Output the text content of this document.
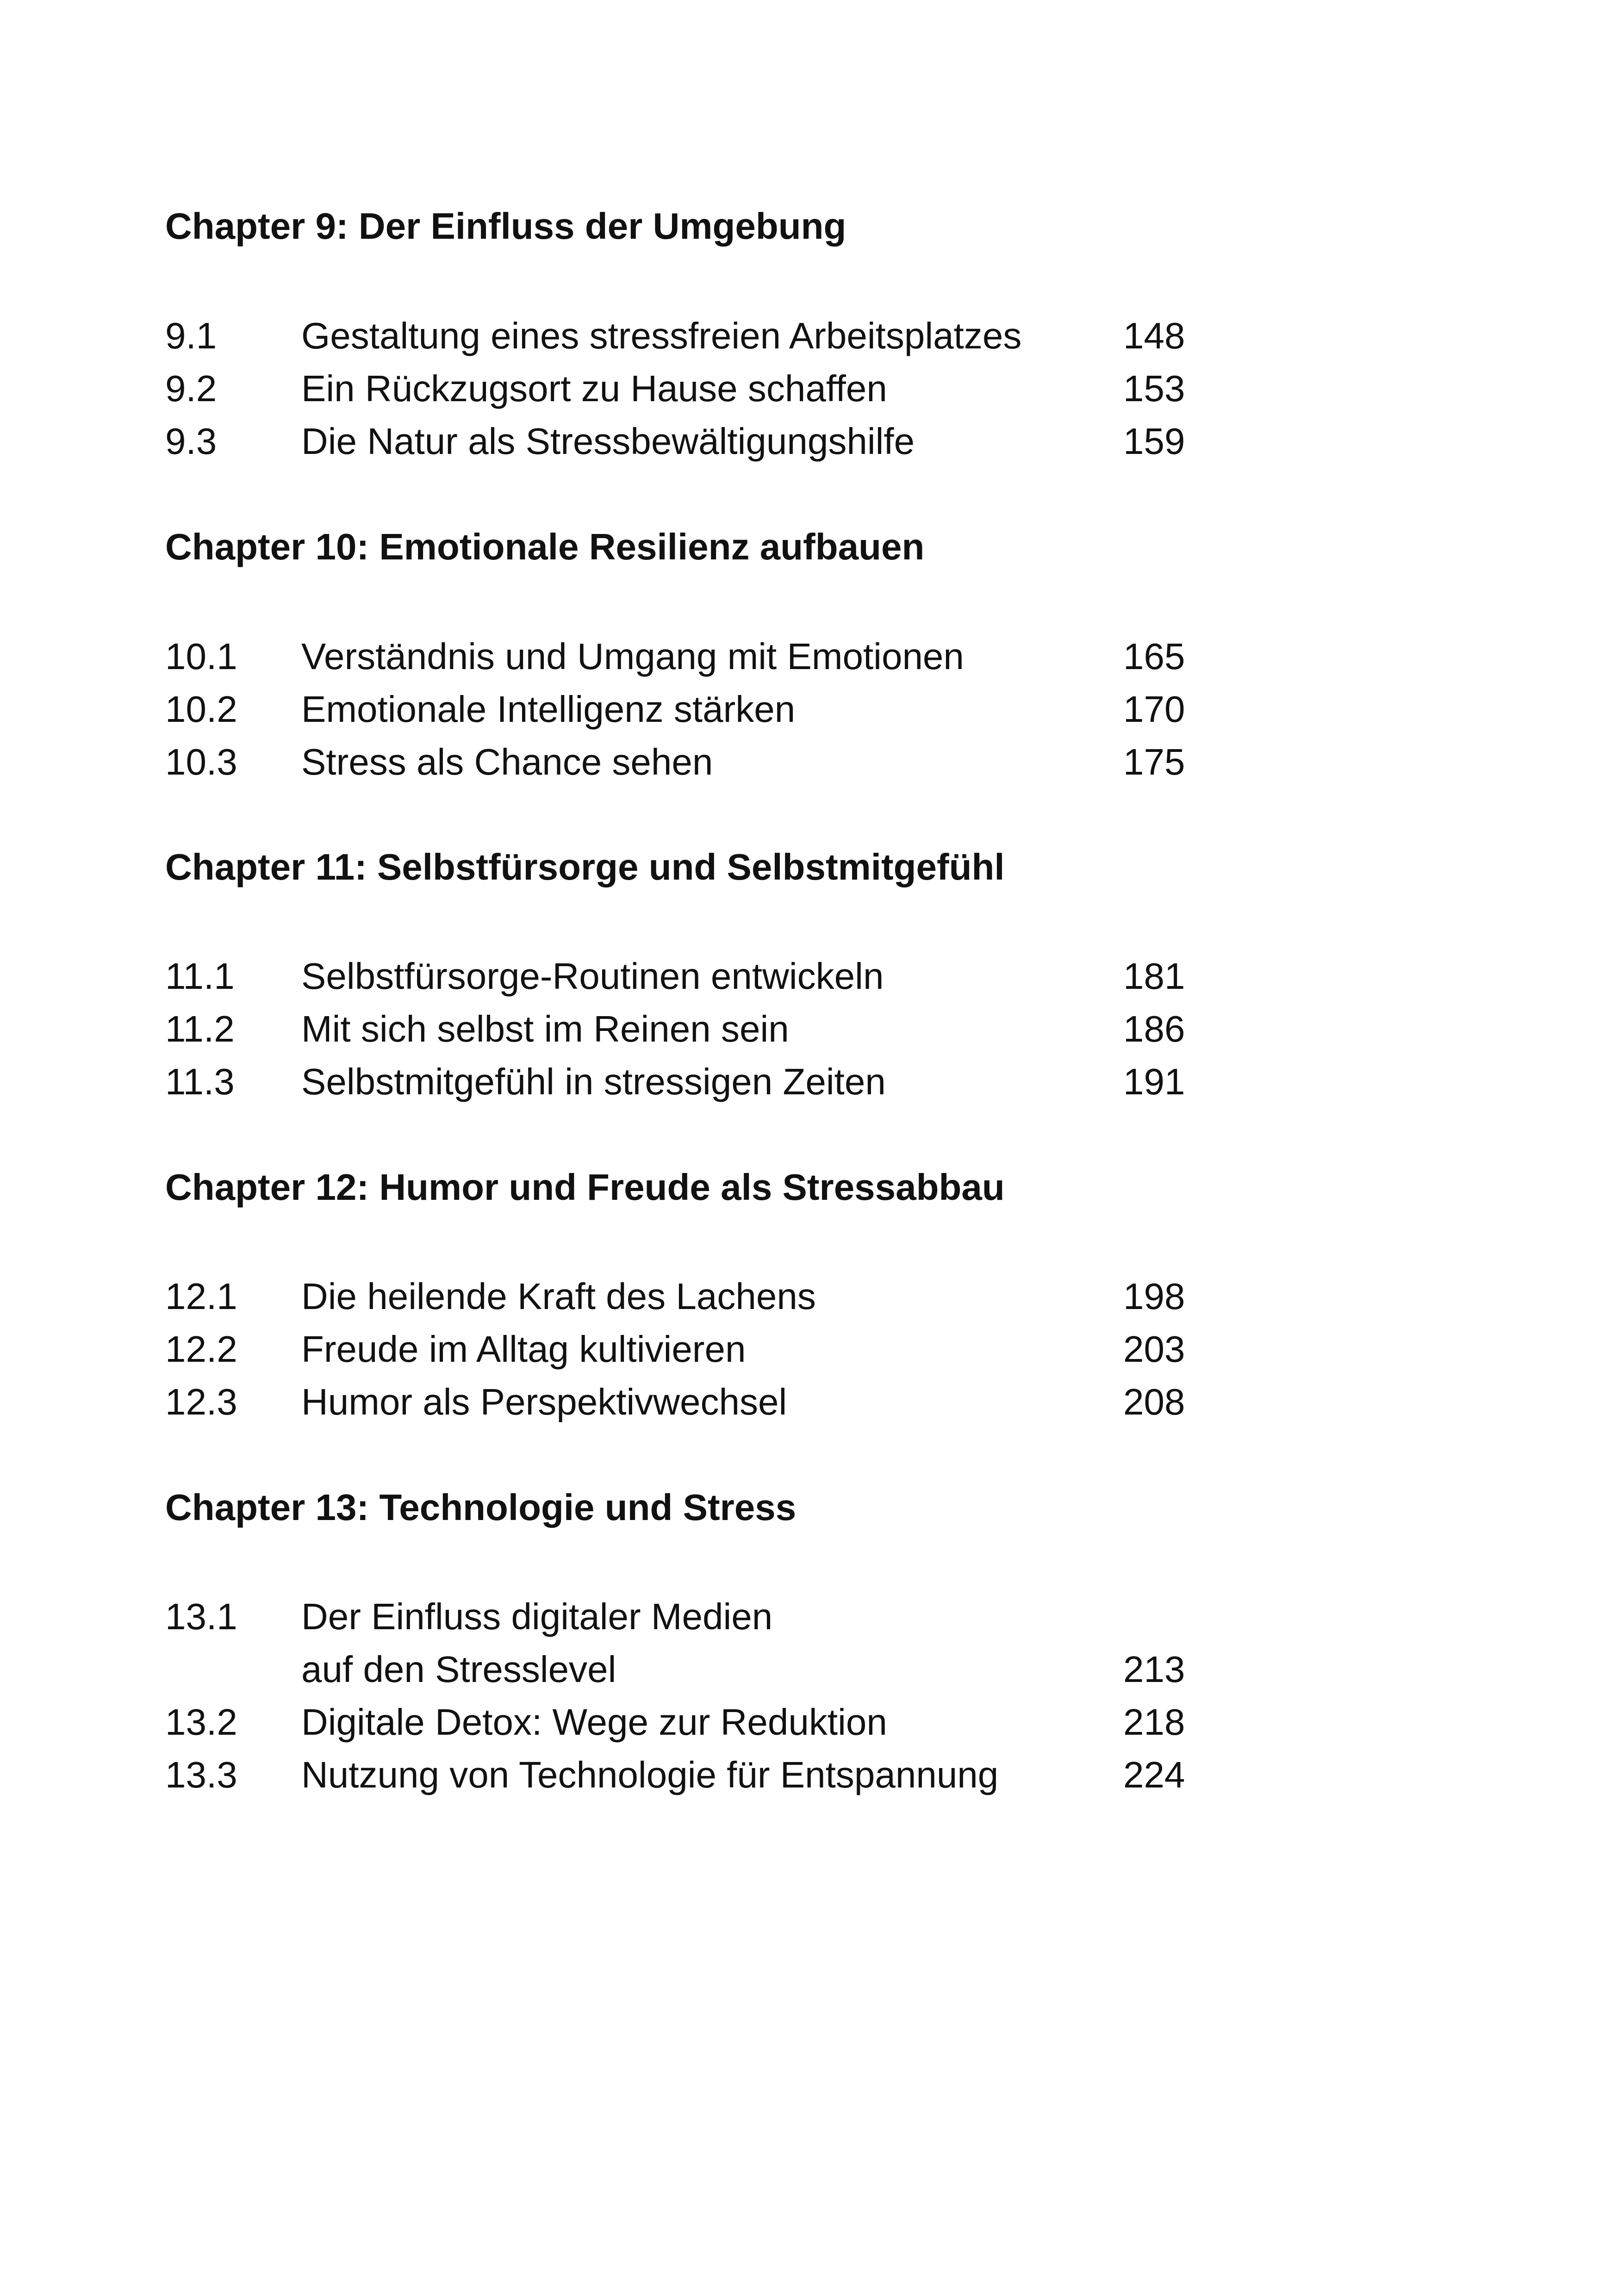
Chapter 9: Der Einfluss der Umgebung
9.1 Gestaltung eines stressfreien Arbeitsplatzes	148
9.2 Ein Rückzugsort zu Hause schaffen	153
9.3 Die Natur als Stressbewältigungshilfe	159
Chapter 10: Emotionale Resilienz aufbauen
10.1 Verständnis und Umgang mit Emotionen	165
10.2 Emotionale Intelligenz stärken	170
10.3 Stress als Chance sehen	175
Chapter 11: Selbstfürsorge und Selbstmitgefühl
11.1 Selbstfürsorge-Routinen entwickeln	181
11.2 Mit sich selbst im Reinen sein	186
11.3 Selbstmitgefühl in stressigen Zeiten	191
Chapter 12: Humor und Freude als Stressabbau
12.1 Die heilende Kraft des Lachens	198
12.2 Freude im Alltag kultivieren	203
12.3 Humor als Perspektivwechsel	208
Chapter 13: Technologie und Stress
13.1 Der Einfluss digitaler Medien
auf den Stresslevel	213
13.2 Digitale Detox: Wege zur Reduktion	218
13.3 Nutzung von Technologie für Entspannung	224
